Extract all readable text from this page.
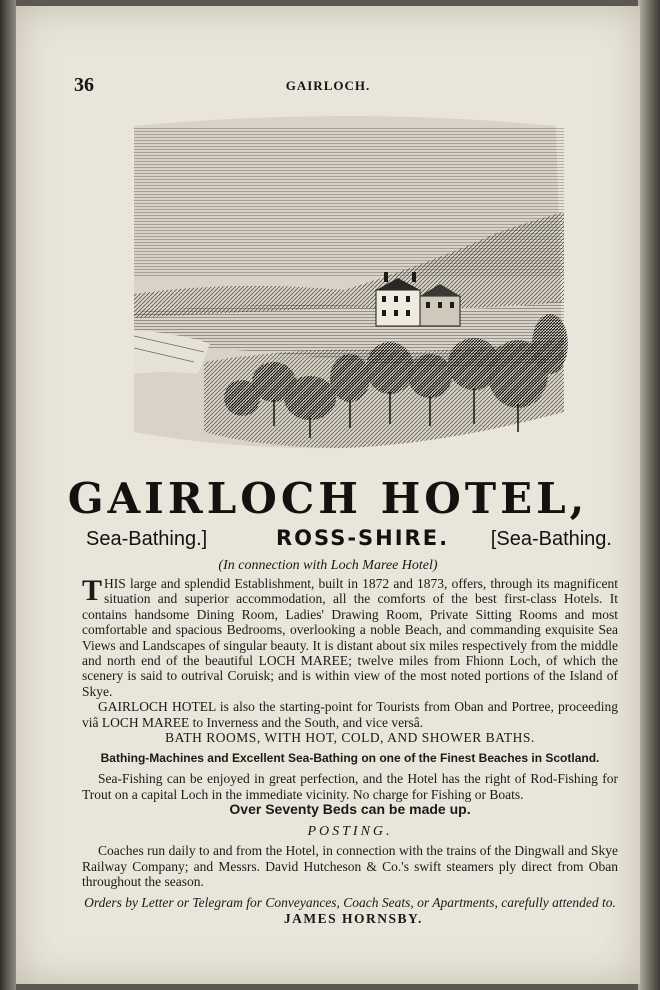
36	GAIRLOCH.
GAIRLOCH HOTEL,
Sea-Bathing.]	ROSS-SHIRE. [Sea-Bathing.
(In connection with Loch Maree Hotel)

THIS large and splendid Establishment, built in 1872 and 1873, offers, through its magnificent situation and superior accommodation, all the comforts of the best first-class Hotels. It contains handsome Dining Room, Ladies' Drawing Room, Private Sitting Rooms and most comfortable and spacious Bedrooms, overlooking a noble Beach, and commanding exquisite Sea Views and Landscapes of singular beauty. It is distant about six miles respectively from the middle and north end of the beautiful LOCH MAREE; twelve miles from Fhionn Loch, of which the scenery is said to outrival Coruisk; and is within view of the most noted portions of the Island of Skye.

GAIRLOCH HOTEL is also the starting-point for Tourists from Oban and Portree, proceeding viâ LOCH MAREE to Inverness and the South, and vice versâ.

BATH ROOMS, WITH HOT, COLD, AND SHOWER BATHS.

Bathing-Machines and Excellent Sea-Bathing on one of the Finest Beaches in Scotland.

Sea-Fishing can be enjoyed in great perfection, and the Hotel has the right of Rod-Fishing for Trout on a capital Loch in the immediate vicinity. No charge for Fishing or Boats.

Over Seventy Beds can be made up.

POSTING.

Coaches run daily to and from the Hotel, in connection with the trains of the Dingwall and Skye Railway Company; and Messrs. David Hutcheson & Co.'s swift steamers ply direct from Oban throughout the season.

Orders by Letter or Telegram for Conveyances, Coach Seats, or Apartments, carefully attended to.   JAMES HORNSBY.
